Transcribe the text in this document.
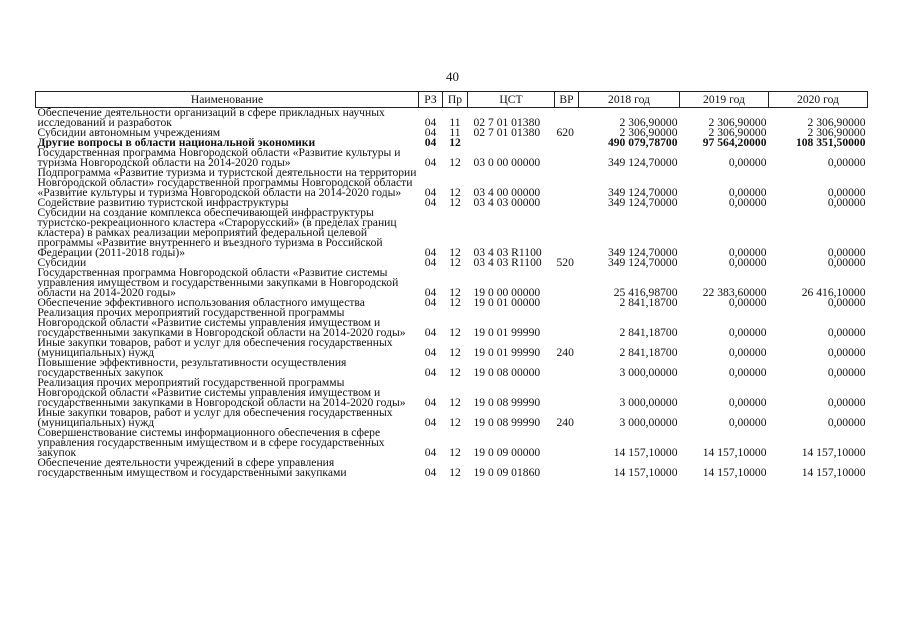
40
Наименование	РЗ	Пр	ЦСТ	ВР	2018 год	2019 год	2020 год
Обеспечение деятельности организаций в сфере прикладных научных исследований и разработок	04	11	02 7 01 01380		2 306,90000	2 306,90000	2 306,90000
Субсидии автономным учреждениям	04	11	02 7 01 01380	620	2 306,90000	2 306,90000	2 306,90000
Другие вопросы в области национальной экономики	04	12			490 079,78700	97 564,20000	108 351,50000
Государственная программа Новгородской области «Развитие культуры и туризма Новгородской области на 2014-2020 годы»	04	12	03 0 00 00000		349 124,70000	0,00000	0,00000
Подпрограмма «Развитие туризма и туристской деятельности на территории Новгородской области» государственной программы Новгородской области «Развитие культуры и туризма Новгородской области на 2014-2020 годы»	04	12	03 4 00 00000		349 124,70000	0,00000	0,00000
Содействие развитию туристской инфраструктуры	04	12	03 4 03 00000		349 124,70000	0,00000	0,00000
Субсидии на создание комплекса обеспечивающей инфраструктуры туристско-рекреационного кластера «Старорусский» (в пределах границ кластера) в рамках реализации мероприятий федеральной целевой программы «Развитие внутреннего и въездного туризма в Российской Федерации (2011-2018 годы)»	04	12	03 4 03 R1100		349 124,70000	0,00000	0,00000
Субсидии	04	12	03 4 03 R1100	520	349 124,70000	0,00000	0,00000
Государственная программа Новгородской области «Развитие системы управления имуществом и государственными закупками в Новгородской области на 2014-2020 годы»	04	12	19 0 00 00000		25 416,98700	22 383,60000	26 416,10000
Обеспечение эффективного использования областного имущества	04	12	19 0 01 00000		2 841,18700	0,00000	0,00000
Реализация прочих мероприятий государственной программы Новгородской области «Развитие системы управления имуществом и государственными закупками в Новгородской области на 2014-2020 годы»	04	12	19 0 01 99990		2 841,18700	0,00000	0,00000
Иные закупки товаров, работ и услуг для обеспечения государственных (муниципальных) нужд	04	12	19 0 01 99990	240	2 841,18700	0,00000	0,00000
Повышение эффективности, результативности осуществления государственных закупок	04	12	19 0 08 00000		3 000,00000	0,00000	0,00000
Реализация прочих мероприятий государственной программы Новгородской области «Развитие системы управления имуществом и государственными закупками в Новгородской области на 2014-2020 годы»	04	12	19 0 08 99990		3 000,00000	0,00000	0,00000
Иные закупки товаров, работ и услуг для обеспечения государственных (муниципальных) нужд	04	12	19 0 08 99990	240	3 000,00000	0,00000	0,00000
Совершенствование системы информационного обеспечения в сфере управления государственным имуществом и в сфере государственных закупок	04	12	19 0 09 00000		14 157,10000	14 157,10000	14 157,10000
Обеспечение деятельности учреждений в сфере управления государственным имуществом и государственными закупками	04	12	19 0 09 01860		14 157,10000	14 157,10000	14 157,10000
